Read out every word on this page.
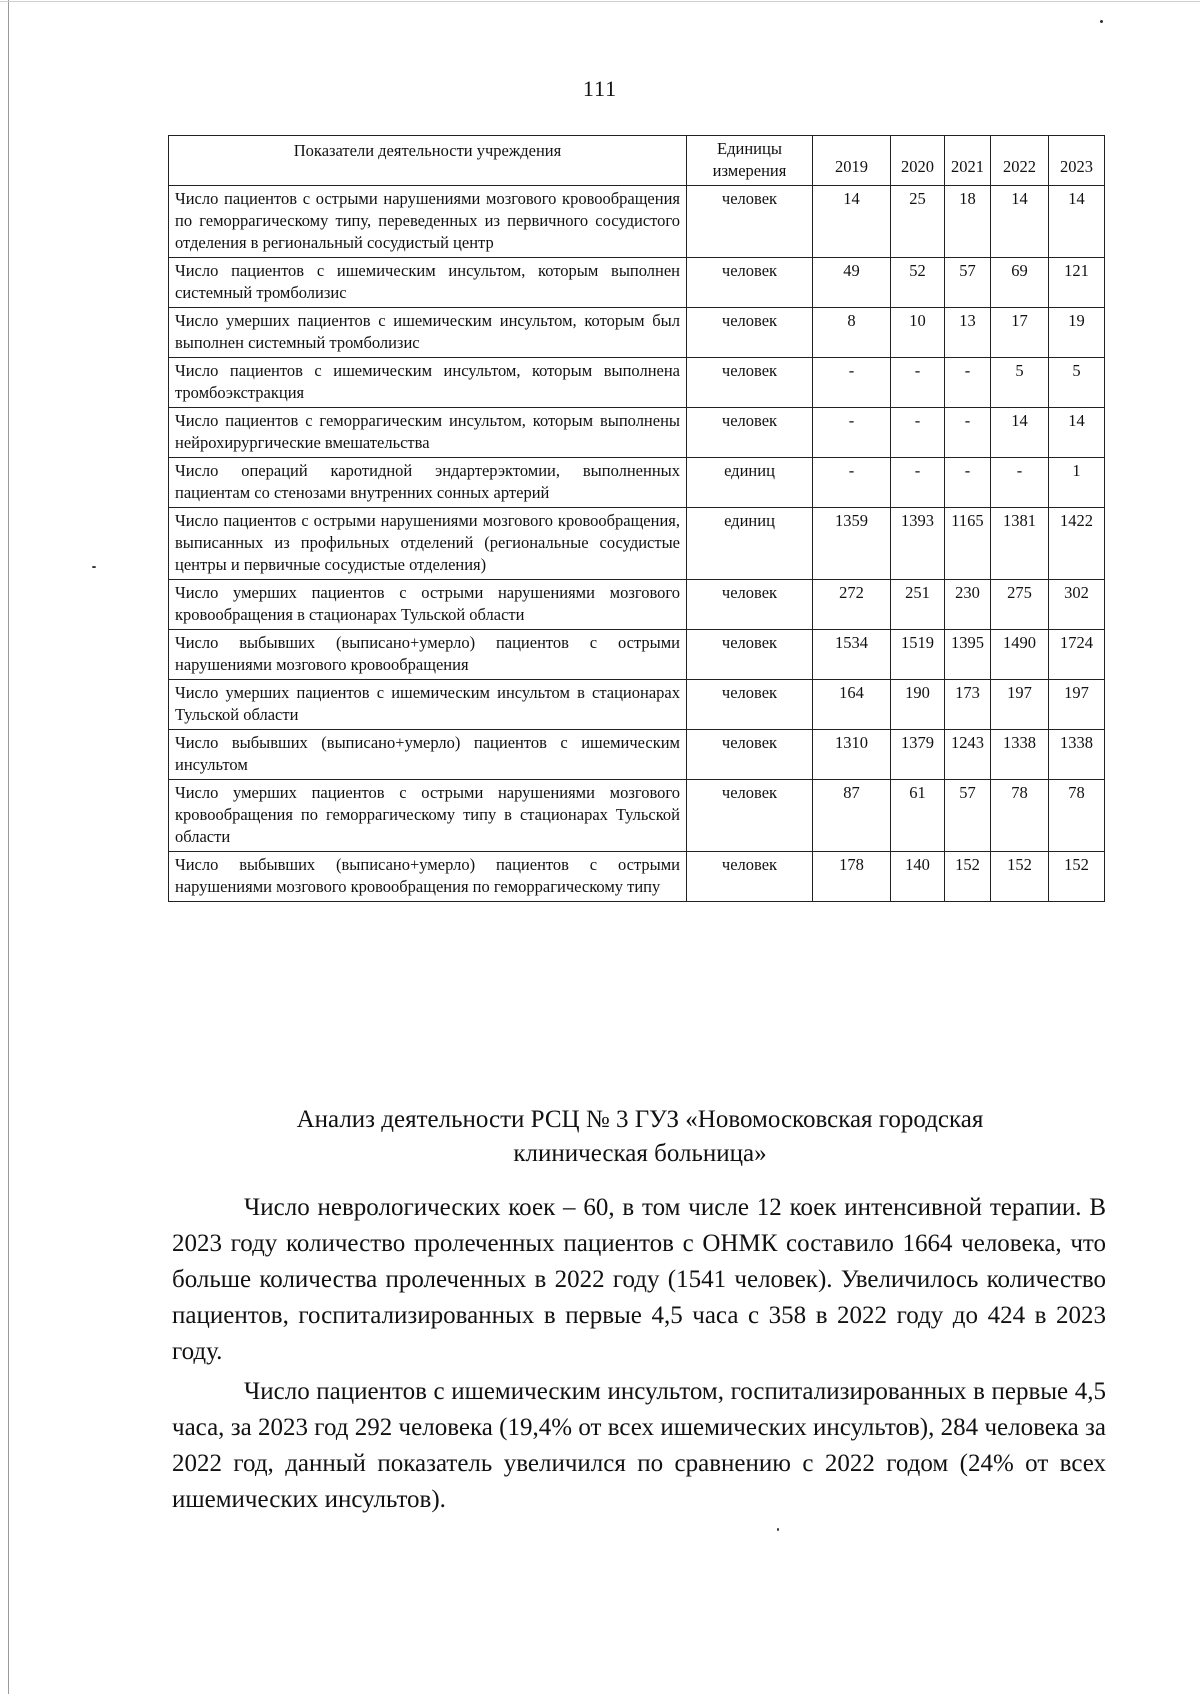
111
Показатели деятельности учреждения	Единицы измерения	2019	2020	2021	2022	2023
Число пациентов с острыми нарушениями мозгового кровообращения по геморрагическому типу, переведенных из первичного сосудистого отделения в региональный сосудистый центр	человек	14	25	18	14	14
Число пациентов с ишемическим инсультом, которым выполнен системный тромболизис	человек	49	52	57	69	121
Число умерших пациентов с ишемическим инсультом, которым был выполнен системный тромболизис	человек	8	10	13	17	19
Число пациентов с ишемическим инсультом, которым выполнена тромбоэкстракция	человек	-	-	-	5	5
Число пациентов с геморрагическим инсультом, которым выполнены нейрохирургические вмешательства	человек	-	-	-	14	14
Число операций каротидной эндартерэктомии, выполненных пациентам со стенозами внутренних сонных артерий	единиц	-	-	-	-	1
Число пациентов с острыми нарушениями мозгового кровообращения, выписанных из профильных отделений (региональные сосудистые центры и первичные сосудистые отделения)	единиц	1359	1393	1165	1381	1422
Число умерших пациентов с острыми нарушениями мозгового кровообращения в стационарах Тульской области	человек	272	251	230	275	302
Число выбывших (выписано+умерло) пациентов с острыми нарушениями мозгового кровообращения	человек	1534	1519	1395	1490	1724
Число умерших пациентов с ишемическим инсультом в стационарах Тульской области	человек	164	190	173	197	197
Число выбывших (выписано+умерло) пациентов с ишемическим инсультом	человек	1310	1379	1243	1338	1338
Число умерших пациентов с острыми нарушениями мозгового кровообращения по геморрагическому типу в стационарах Тульской области	человек	87	61	57	78	78
Число выбывших (выписано+умерло) пациентов с острыми нарушениями мозгового кровообращения по геморрагическому типу	человек	178	140	152	152	152
Анализ деятельности РСЦ № 3 ГУЗ «Новомосковская городская
клиническая больница»

Число неврологических коек – 60, в том числе 12 коек интенсивной терапии. В 2023 году количество пролеченных пациентов с ОНМК составило 1664 человека, что больше количества пролеченных в 2022 году (1541 человек). Увеличилось количество пациентов, госпитализированных в первые 4,5 часа с 358 в 2022 году до 424 в 2023 году.

Число пациентов с ишемическим инсультом, госпитализированных в первые 4,5 часа, за 2023 год 292 человека (19,4% от всех ишемических инсультов), 284 человека за 2022 год, данный показатель увеличился по сравнению с 2022 годом (24% от всех ишемических инсультов).
